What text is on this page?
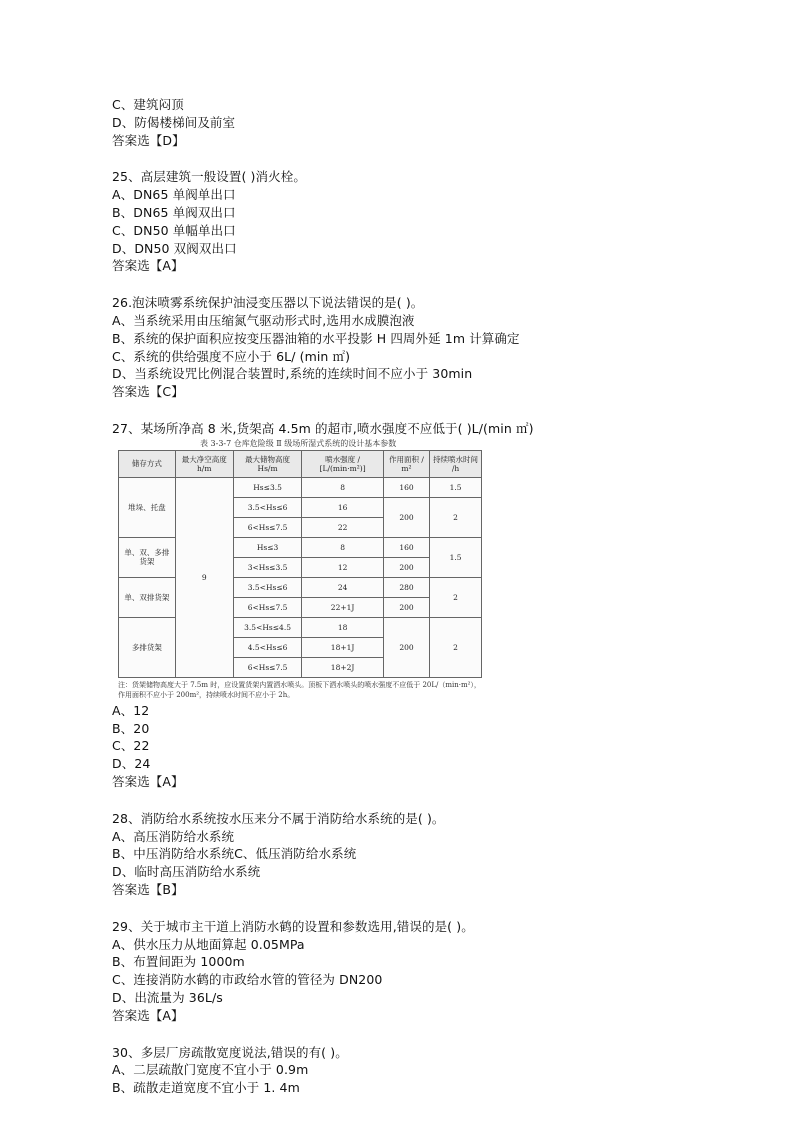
C、建筑闷顶
D、防偈楼梯间及前室
答案选【D】
25、高层建筑一般设置( )消火栓。
A、DN65 单阀单出口
B、DN65 单阀双出口
C、DN50 单幅单出口
D、DN50 双阀双出口
答案选【A】
26.泡沫喷雾系统保护油浸变压器以下说法错误的是( )。
A、当系统采用由压缩氮气驱动形式时,选用水成膜泡液
B、系统的保护面积应按变压器油箱的水平投影 H 四周外延 1m 计算确定
C、系统的供给强度不应小于 6L/ (min ㎡)
D、当系统设咒比例混合装置时,系统的连续时间不应小于 30min
答案选【C】
27、某场所净高 8 米,货架高 4.5m 的超市,喷水强度不应低于( )L/(min ㎡)
表 3-3-7 仓库危险级 Ⅱ 级场所湿式系统的设计基本参数
储存方式	最大净空高度 h/m	最大储物高度 Hs/m	喷水强度 / [L/(min·m²)]	作用面积 / m²	持续喷水时间 /h
堆垛、托盘	9	Hs≤3.5	8	160	1.5
		3.5<Hs≤6	16	200	2
		6<Hs≤7.5	22		
单、双、多排货架		Hs≤3	8	160	1.5
		3<Hs≤3.5	12	200	
单、双排货架		3.5<Hs≤6	24	280	2
		6<Hs≤7.5	22+1J	200	
多排货架		3.5<Hs≤4.5	18	200	2
		4.5<Hs≤6	18+1J		
		6<Hs≤7.5	18+2J		
注：货架储物高度大于 7.5m 时，应设置货架内置洒水喷头。顶板下洒水喷头的喷水强度不应低于 20L/（min·m²），作用面积不应小于 200m²，持续喷水时间不应小于 2h。
A、12
B、20
C、22
D、24
答案选【A】
28、消防给水系统按水压来分不属于消防给水系统的是( )。
A、高压消防给水系统
B、中压消防给水系统C、低压消防给水系统
D、临时高压消防给水系统
答案选【B】
29、关于城市主干道上消防水鹤的设置和参数选用,错误的是( )。
A、供水压力从地面算起 0.05MPa
B、布置间距为 1000m
C、连接消防水鹤的市政给水管的管径为 DN200
D、出流量为 36L/s
答案选【A】
30、多层厂房疏散宽度说法,错误的有( )。
A、二层疏散门宽度不宜小于 0.9m
B、疏散走道宽度不宜小于 1. 4m
